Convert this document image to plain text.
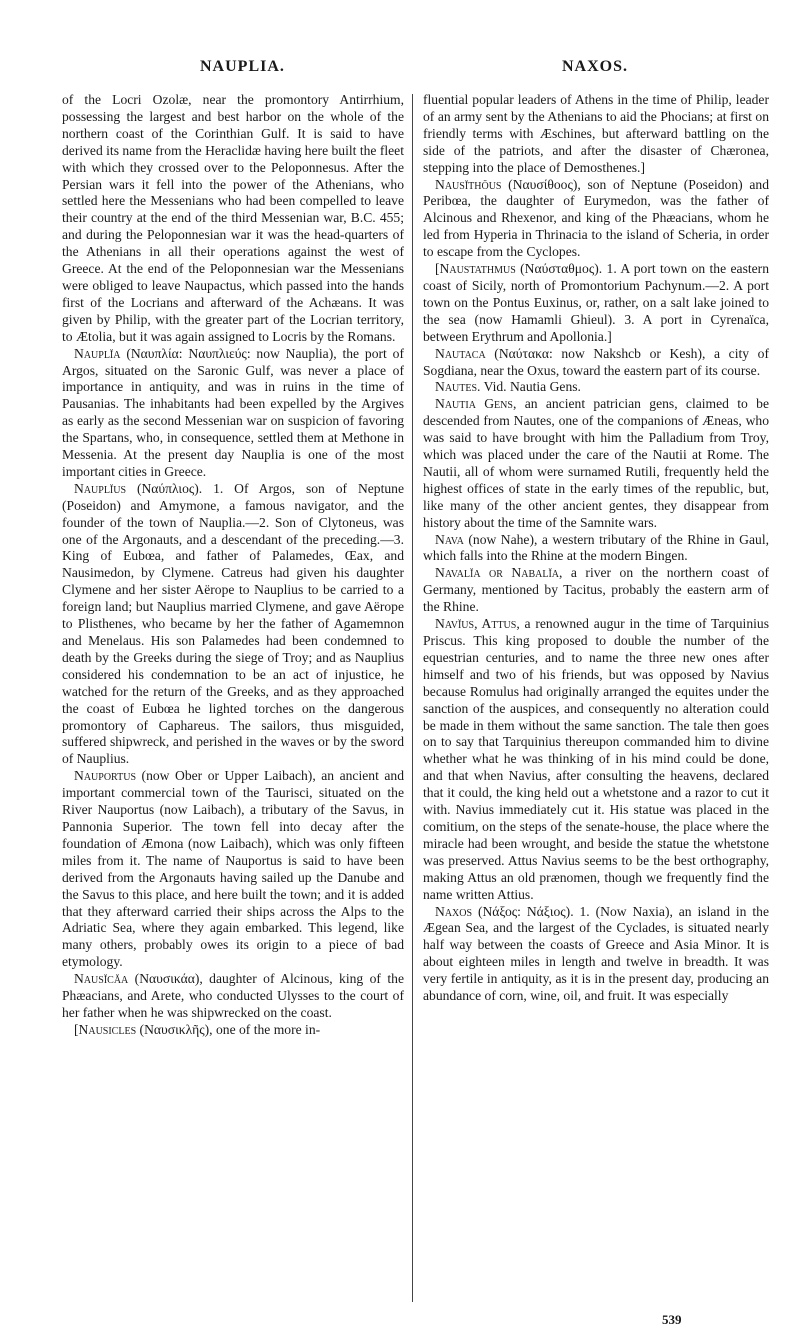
NAUPLIA.	NAXOS.

of the Locri Ozolæ, near the promontory Antirrhium, possessing the largest and best harbor on the whole of the northern coast of the Corinthian Gulf. It is said to have derived its name from the Heraclidæ having here built the fleet with which they crossed over to the Peloponnesus. After the Persian wars it fell into the power of the Athenians, who settled here the Messenians who had been compelled to leave their country at the end of the third Messenian war, B.C. 455; and during the Peloponnesian war it was the head-quarters of the Athenians in all their operations against the west of Greece. At the end of the Peloponnesian war the Messenians were obliged to leave Naupactus, which passed into the hands first of the Locrians and afterward of the Achæans. It was given by Philip, with the greater part of the Locrian territory, to Ætolia, but it was again assigned to Locris by the Romans.

Nauplĭa (Ναυπλία: Ναυπλιεύς: now Nauplia), the port of Argos, situated on the Saronic Gulf, was never a place of importance in antiquity, and was in ruins in the time of Pausanias. The inhabitants had been expelled by the Argives as early as the second Messenian war on suspicion of favoring the Spartans, who, in consequence, settled them at Methone in Messenia. At the present day Nauplia is one of the most important cities in Greece.

Nauplĭus (Ναύπλιος). 1. Of Argos, son of Neptune (Poseidon) and Amymone, a famous navigator, and the founder of the town of Nauplia.—2. Son of Clytoneus, was one of the Argonauts, and a descendant of the preceding.—3. King of Eubœa, and father of Palamedes, Œax, and Nausimedon, by Clymene. Catreus had given his daughter Clymene and her sister Aërope to Nauplius to be carried to a foreign land; but Nauplius married Clymene, and gave Aërope to Plisthenes, who became by her the father of Agamemnon and Menelaus. His son Palamedes had been condemned to death by the Greeks during the siege of Troy; and as Nauplius considered his condemnation to be an act of injustice, he watched for the return of the Greeks, and as they approached the coast of Eubœa he lighted torches on the dangerous promontory of Caphareus. The sailors, thus misguided, suffered shipwreck, and perished in the waves or by the sword of Nauplius.

Nauportus (now Ober or Upper Laibach), an ancient and important commercial town of the Taurisci, situated on the River Nauportus (now Laibach), a tributary of the Savus, in Pannonia Superior. The town fell into decay after the foundation of Æmona (now Laibach), which was only fifteen miles from it. The name of Nauportus is said to have been derived from the Argonauts having sailed up the Danube and the Savus to this place, and here built the town; and it is added that they afterward carried their ships across the Alps to the Adriatic Sea, where they again embarked. This legend, like many others, probably owes its origin to a piece of bad etymology.

Nausĭcăa (Ναυσικάα), daughter of Alcinous, king of the Phæacians, and Arete, who conducted Ulysses to the court of her father when he was shipwrecked on the coast.

[Nausicles (Ναυσικλῆς), one of the more in-

fluential popular leaders of Athens in the time of Philip, leader of an army sent by the Athenians to aid the Phocians; at first on friendly terms with Æschines, but afterward battling on the side of the patriots, and after the disaster of Chæronea, stepping into the place of Demosthenes.]

Nausĭthŏus (Ναυσίθοος), son of Neptune (Poseidon) and Peribœa, the daughter of Eurymedon, was the father of Alcinous and Rhexenor, and king of the Phæacians, whom he led from Hyperia in Thrinacia to the island of Scheria, in order to escape from the Cyclopes.

[Naustathmus (Ναύσταθμος). 1. A port town on the eastern coast of Sicily, north of Promontorium Pachynum.—2. A port town on the Pontus Euxinus, or, rather, on a salt lake joined to the sea (now Hamamli Ghieul). 3. A port in Cyrenaïca, between Erythrum and Apollonia.]

Nautaca (Ναύτακα: now Nakshcb or Kesh), a city of Sogdiana, near the Oxus, toward the eastern part of its course.

Nautes. Vid. Nautia Gens.

Nautia Gens, an ancient patrician gens, claimed to be descended from Nautes, one of the companions of Æneas, who was said to have brought with him the Palladium from Troy, which was placed under the care of the Nautii at Rome. The Nautii, all of whom were surnamed Rutili, frequently held the highest offices of state in the early times of the republic, but, like many of the other ancient gentes, they disappear from history about the time of the Samnite wars.

Nava (now Nahe), a western tributary of the Rhine in Gaul, which falls into the Rhine at the modern Bingen.

Navalĭa or Nabalĭa, a river on the northern coast of Germany, mentioned by Tacitus, probably the eastern arm of the Rhine.

Navĭus, Attus, a renowned augur in the time of Tarquinius Priscus. This king proposed to double the number of the equestrian centuries, and to name the three new ones after himself and two of his friends, but was opposed by Navius because Romulus had originally arranged the equites under the sanction of the auspices, and consequently no alteration could be made in them without the same sanction. The tale then goes on to say that Tarquinius thereupon commanded him to divine whether what he was thinking of in his mind could be done, and that when Navius, after consulting the heavens, declared that it could, the king held out a whetstone and a razor to cut it with. Navius immediately cut it. His statue was placed in the comitium, on the steps of the senate-house, the place where the miracle had been wrought, and beside the statue the whetstone was preserved. Attus Navius seems to be the best orthography, making Attus an old prænomen, though we frequently find the name written Attius.

Naxos (Νάξος: Νάξιος). 1. (Now Naxia), an island in the Ægean Sea, and the largest of the Cyclades, is situated nearly half way between the coasts of Greece and Asia Minor. It is about eighteen miles in length and twelve in breadth. It was very fertile in antiquity, as it is in the present day, producing an abundance of corn, wine, oil, and fruit. It was especially

539
